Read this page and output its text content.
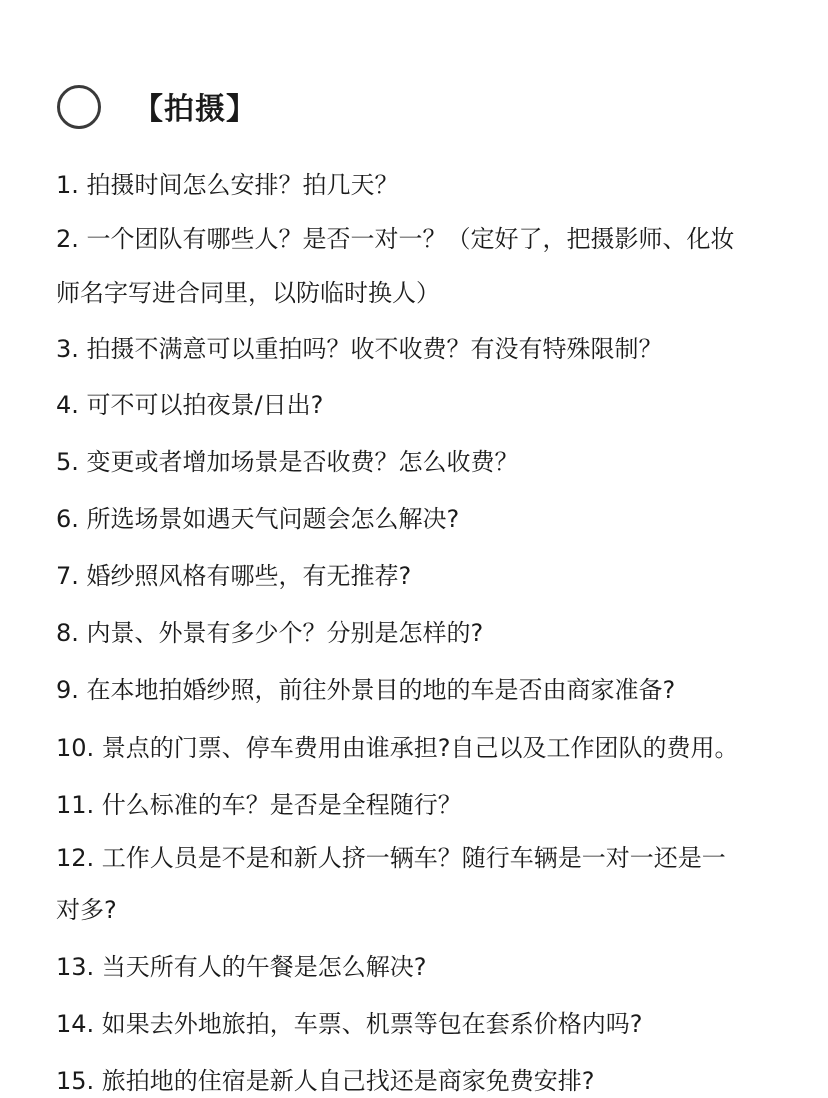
【拍摄】
1. 拍摄时间怎么安排？拍几天？
2. 一个团队有哪些人？是否一对一？（定好了，把摄影师、化妆
师名字写进合同里，以防临时换人）
3. 拍摄不满意可以重拍吗？收不收费？有没有特殊限制？
4. 可不可以拍夜景/日出?
5. 变更或者增加场景是否收费？怎么收费？
6. 所选场景如遇天气问题会怎么解决?
7. 婚纱照风格有哪些，有无推荐?
8. 内景、外景有多少个？分别是怎样的?
9. 在本地拍婚纱照，前往外景目的地的车是否由商家准备?
10. 景点的门票、停车费用由谁承担?自己以及工作团队的费用。
11. 什么标准的车？是否是全程随行？
12. 工作人员是不是和新人挤一辆车？随行车辆是一对一还是一
对多?
13. 当天所有人的午餐是怎么解决?
14. 如果去外地旅拍，车票、机票等包在套系价格内吗?
15. 旅拍地的住宿是新人自己找还是商家免费安排?
